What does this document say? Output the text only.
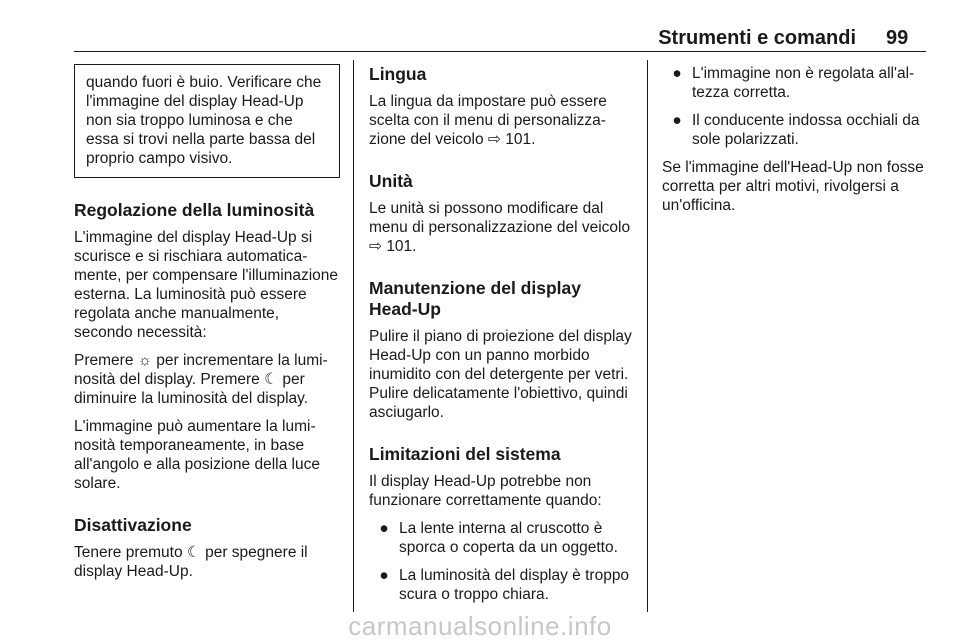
Strumenti e comandi 99

quando fuori è buio. Verificare che l'immagine del display Head-Up non sia troppo luminosa e che essa si trovi nella parte bassa del proprio campo visivo.

Regolazione della luminosità

L'immagine del display Head-Up si scurisce e si rischiara automaticamente, per compensare l'illuminazione esterna. La luminosità può essere regolata anche manualmente, secondo necessità:

Premere ☼ per incrementare la luminosità del display. Premere ☾ per diminuire la luminosità del display.

L'immagine può aumentare la luminosità temporaneamente, in base all'angolo e alla posizione della luce solare.

Disattivazione

Tenere premuto ☾ per spegnere il display Head-Up.

Lingua

La lingua da impostare può essere scelta con il menu di personalizzazione del veicolo ⇨ 101.

Unità

Le unità si possono modificare dal menu di personalizzazione del veicolo ⇨ 101.

Manutenzione del display Head-Up

Pulire il piano di proiezione del display Head-Up con un panno morbido inumidito con del detergente per vetri. Pulire delicatamente l'obiettivo, quindi asciugarlo.

Limitazioni del sistema

Il display Head-Up potrebbe non funzionare correttamente quando:

● La lente interna al cruscotto è sporca o coperta da un oggetto.
● La luminosità del display è troppo scura o troppo chiara.
● L'immagine non è regolata all'altezza corretta.
● Il conducente indossa occhiali da sole polarizzati.

Se l'immagine dell'Head-Up non fosse corretta per altri motivi, rivolgersi a un'officina.

carmanualsonline.info
